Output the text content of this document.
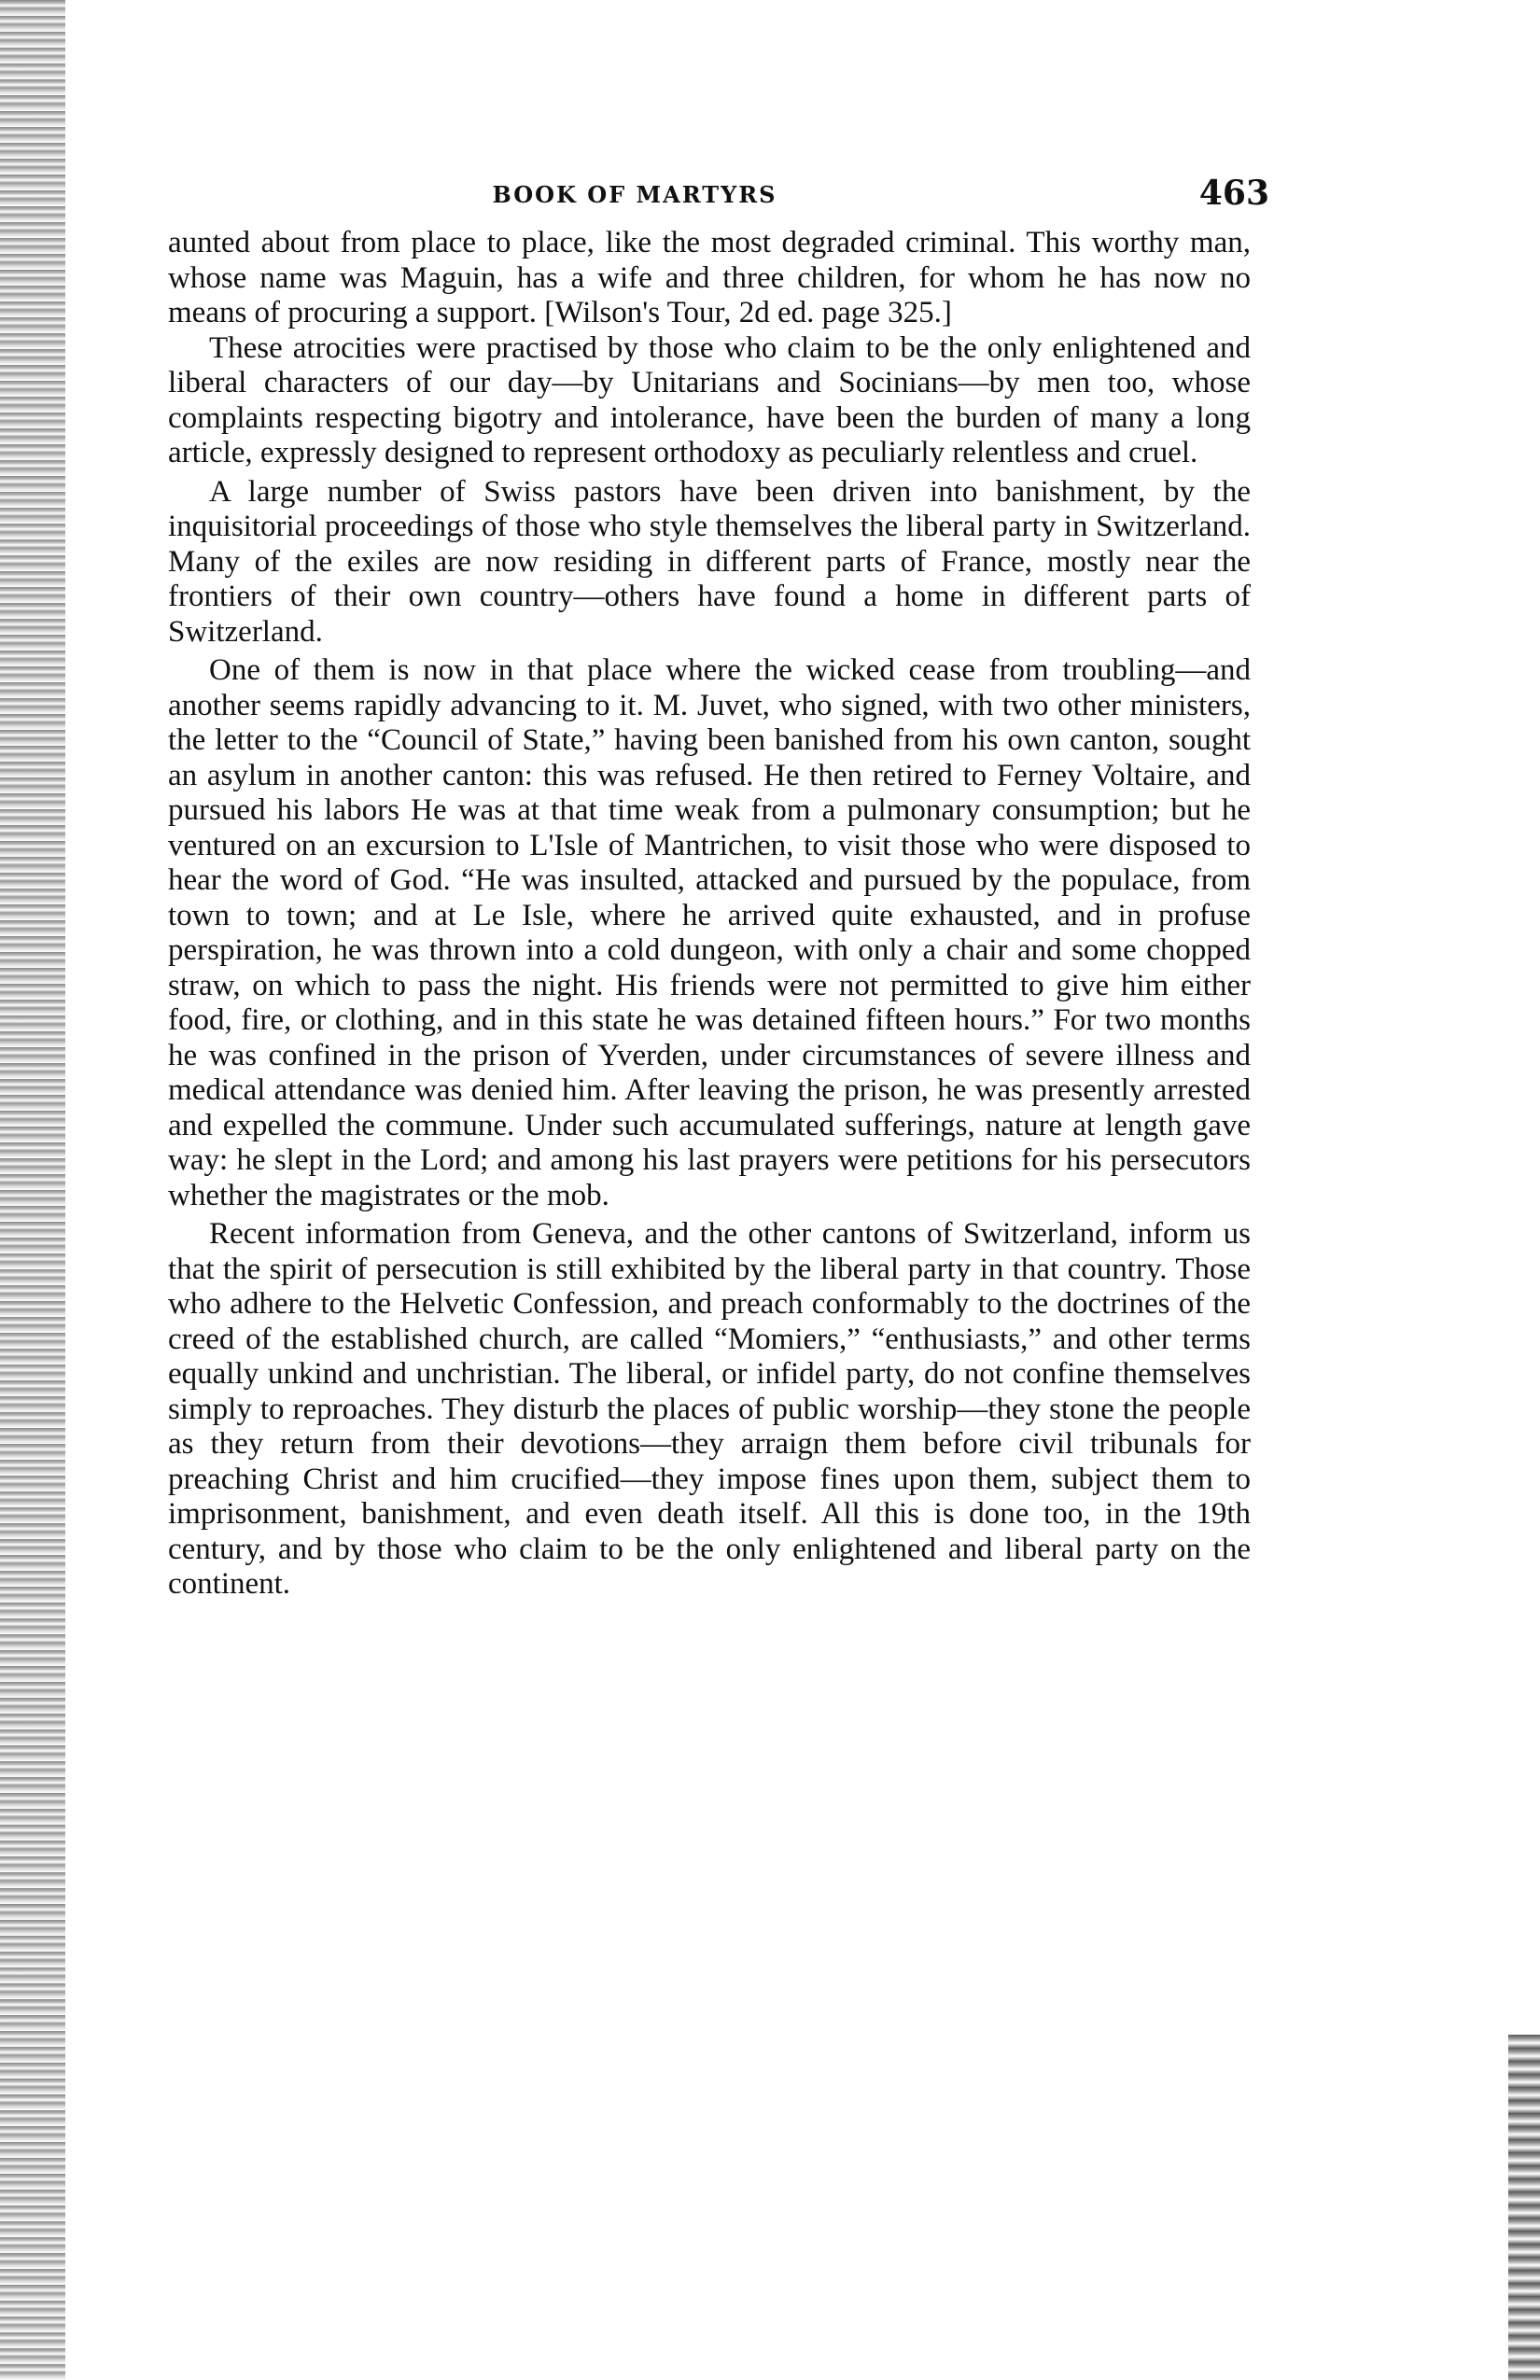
BOOK OF MARTYRS	463

aunted about from place to place, like the most degraded criminal. This worthy man, whose name was Maguin, has a wife and three children, for whom he has now no means of procuring a support. [Wilson's Tour, 2d ed. page 325.]

These atrocities were practised by those who claim to be the only enlightened and liberal characters of our day—by Unitarians and Socinians—by men too, whose complaints respecting bigotry and intolerance, have been the burden of many a long article, expressly designed to represent orthodoxy as peculiarly relentless and cruel.

A large number of Swiss pastors have been driven into banishment, by the inquisitorial proceedings of those who style themselves the liberal party in Switzerland. Many of the exiles are now residing in different parts of France, mostly near the frontiers of their own country—others have found a home in different parts of Switzerland.

One of them is now in that place where the wicked cease from troubling—and another seems rapidly advancing to it. M. Juvet, who signed, with two other ministers, the letter to the “Council of State,” having been banished from his own canton, sought an asylum in another canton: this was refused. He then retired to Ferney Voltaire, and pursued his labors He was at that time weak from a pulmonary consumption; but he ventured on an excursion to L'Isle of Mantrichen, to visit those who were disposed to hear the word of God. “He was insulted, attacked and pursued by the populace, from town to town; and at Le Isle, where he arrived quite exhausted, and in profuse perspiration, he was thrown into a cold dungeon, with only a chair and some chopped straw, on which to pass the night. His friends were not permitted to give him either food, fire, or clothing, and in this state he was detained fifteen hours.” For two months he was confined in the prison of Yverden, under circumstances of severe illness and medical attendance was denied him. After leaving the prison, he was presently arrested and expelled the commune. Under such accumulated sufferings, nature at length gave way: he slept in the Lord; and among his last prayers were petitions for his persecutors whether the magistrates or the mob.

Recent information from Geneva, and the other cantons of Switzerland, inform us that the spirit of persecution is still exhibited by the liberal party in that country. Those who adhere to the Helvetic Confession, and preach conformably to the doctrines of the creed of the established church, are called “Momiers,” “enthusiasts,” and other terms equally unkind and unchristian. The liberal, or infidel party, do not confine themselves simply to reproaches. They disturb the places of public worship—they stone the people as they return from their devotions—they arraign them before civil tribunals for preaching Christ and him crucified—they impose fines upon them, subject them to imprisonment, banishment, and even death itself. All this is done too, in the 19th century, and by those who claim to be the only enlightened and liberal party on the continent.
